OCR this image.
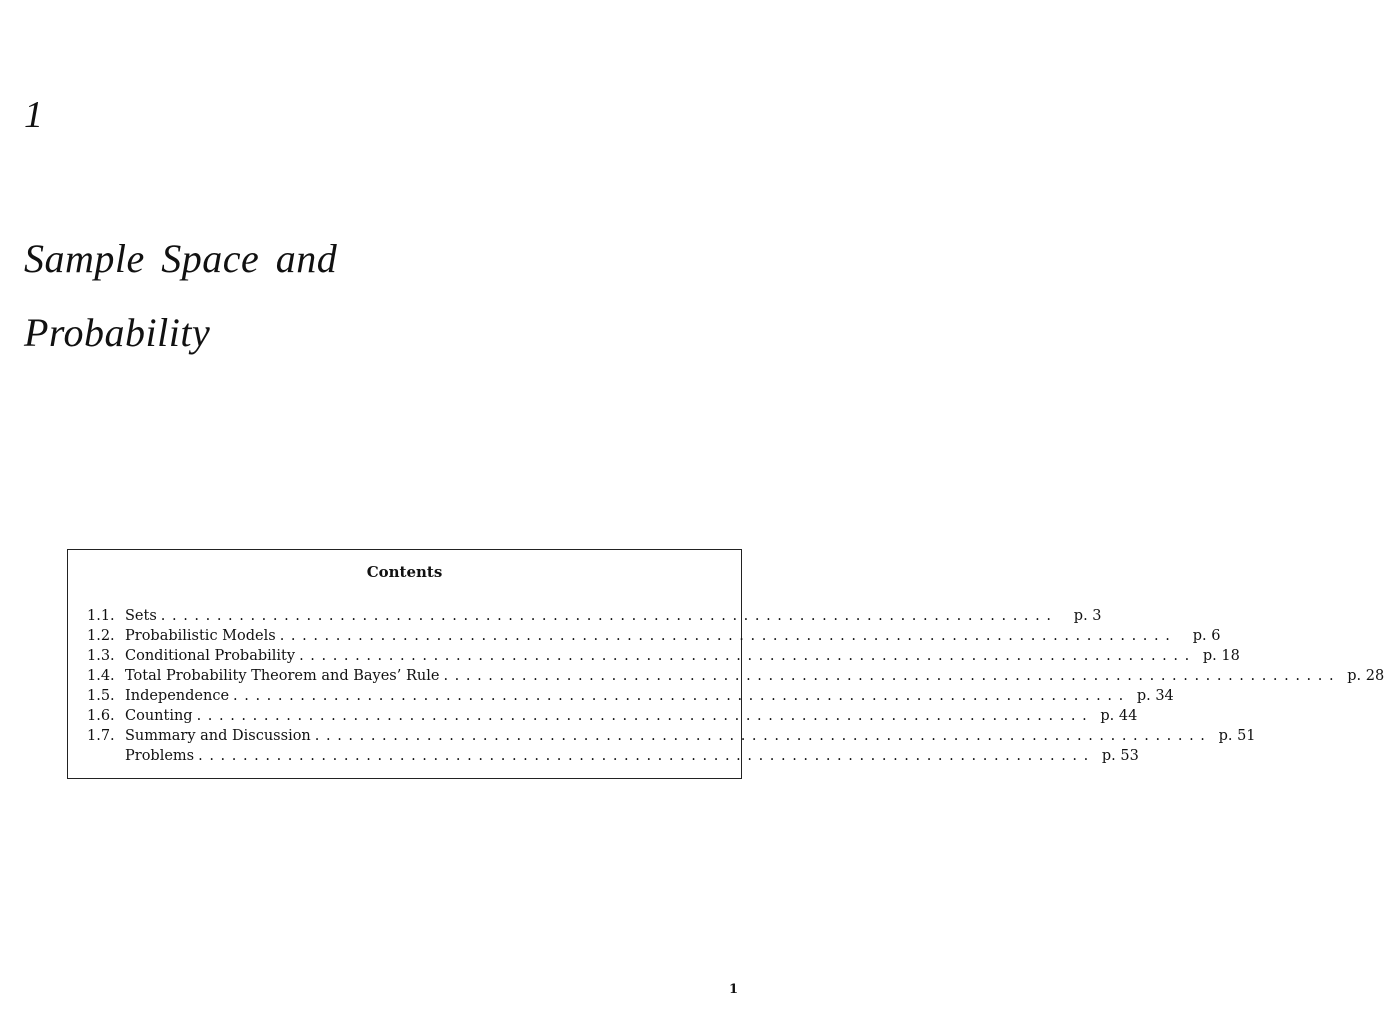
1
Sample Space and
Probability
Contents
1.1. Sets ................................................................................	p. 3
1.2. Probabilistic Models ................................................................................	p. 6
1.3. Conditional Probability ................................................................................ p. 18
1.4. Total Probability Theorem and Bayes’ Rule ................................................................................ p. 28
1.5. Independence ................................................................................ p. 34
1.6. Counting ................................................................................ p. 44
1.7. Summary and Discussion ................................................................................ p. 51
Problems ................................................................................ p. 53
1
